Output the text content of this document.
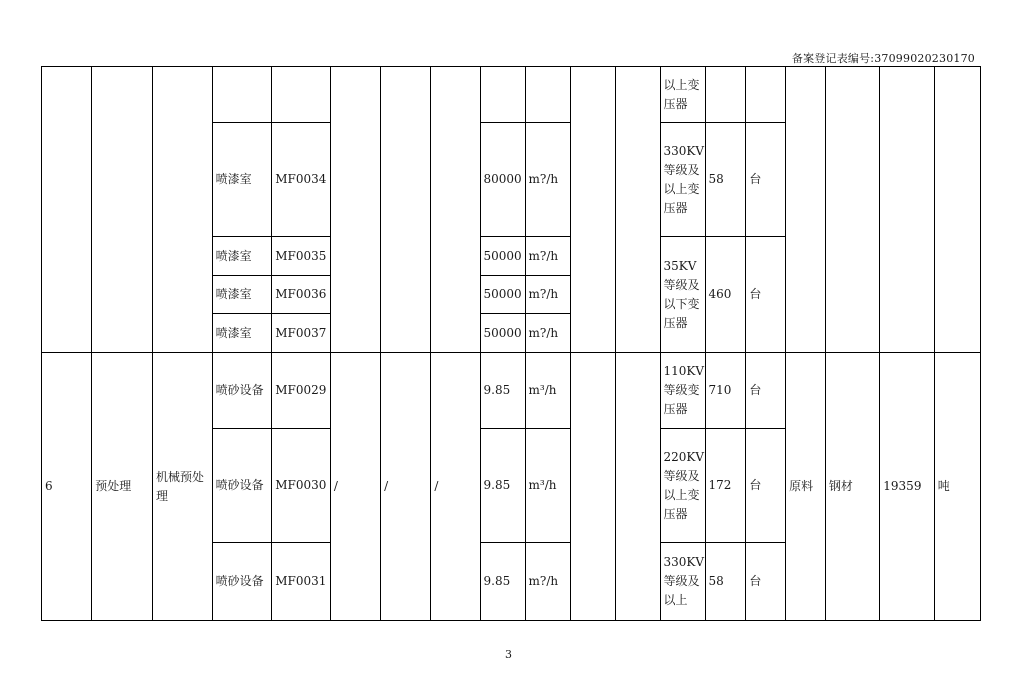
备案登记表编号:37099020230170
												以上变压器						
			喷漆室	MF0034				80000	m?/h			330KV等级及以上变压器	58	台				
			喷漆室	MF0035				50000	m?/h			35KV等级及以下变压器	460	台				
			喷漆室	MF0036				50000	m?/h									
			喷漆室	MF0037				50000	m?/h									
6	预处理	机械预处理	喷砂设备	MF0029	/	/	/	9.85	m³/h			110KV等级变压器	710	台	原料	钢材	19359	吨
			喷砂设备	MF0030				9.85	m³/h			220KV等级及以上变压器	172	台				
			喷砂设备	MF0031				9.85	m?/h			330KV等级及以上	58	台				
3
